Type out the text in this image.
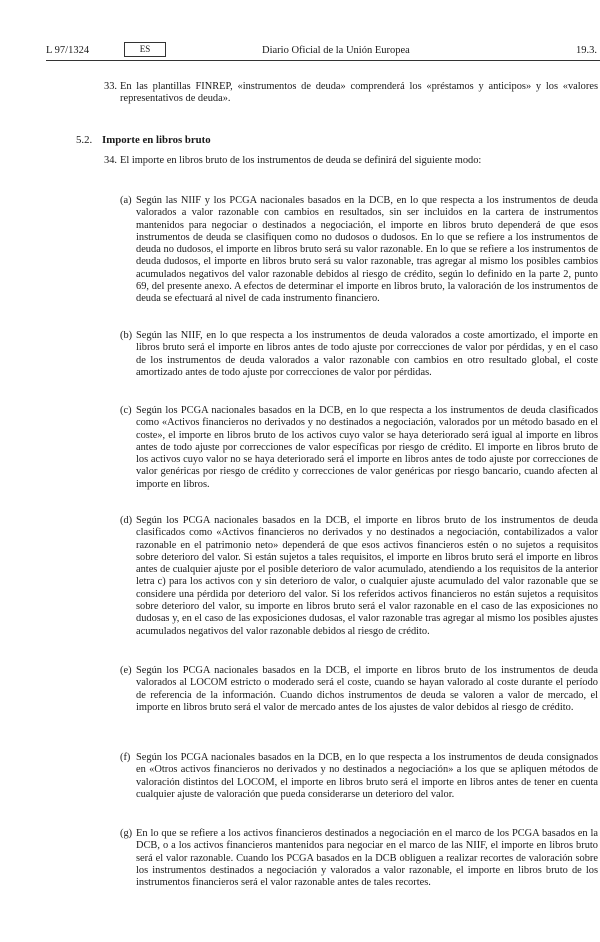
L 97/1324	ES	Diario Oficial de la Unión Europea	19.3.
33. En las plantillas FINREP, «instrumentos de deuda» comprenderá los «préstamos y anticipos» y los «valores representativos de deuda».
5.2. Importe en libros bruto
34. El importe en libros bruto de los instrumentos de deuda se definirá del siguiente modo:
(a) Según las NIIF y los PCGA nacionales basados en la DCB, en lo que respecta a los instrumentos de deuda valorados a valor razonable con cambios en resultados, sin ser incluidos en la cartera de instrumentos mantenidos para negociar o destinados a negociación, el importe en libros bruto dependerá de que esos instrumentos de deuda se clasifiquen como no dudosos o dudosos. En lo que se refiere a los instrumentos de deuda no dudosos, el importe en libros bruto será su valor razonable. En lo que se refiere a los instrumentos de deuda dudosos, el importe en libros bruto será su valor razonable, tras agregar al mismo los posibles cambios acumulados negativos del valor razonable debidos al riesgo de crédito, según lo definido en la parte 2, punto 69, del presente anexo. A efectos de determinar el importe en libros bruto, la valoración de los instrumentos de deuda se efectuará al nivel de cada instrumento financiero.
(b) Según las NIIF, en lo que respecta a los instrumentos de deuda valorados a coste amortizado, el importe en libros bruto será el importe en libros antes de todo ajuste por correcciones de valor por pérdidas, y en el caso de los instrumentos de deuda valorados a valor razonable con cambios en otro resultado global, el coste amortizado antes de todo ajuste por correcciones de valor por pérdidas.
(c) Según los PCGA nacionales basados en la DCB, en lo que respecta a los instrumentos de deuda clasificados como «Activos financieros no derivados y no destinados a negociación, valorados por un método basado en el coste», el importe en libros bruto de los activos cuyo valor se haya deteriorado será igual al importe en libros antes de todo ajuste por correcciones de valor específicas por riesgo de crédito. El importe en libros bruto de los activos cuyo valor no se haya deteriorado será el importe en libros antes de todo ajuste por correcciones de valor genéricas por riesgo de crédito y correcciones de valor genéricas por riesgo bancario, cuando afecten al importe en libros.
(d) Según los PCGA nacionales basados en la DCB, el importe en libros bruto de los instrumentos de deuda clasificados como «Activos financieros no derivados y no destinados a negociación, contabilizados a valor razonable en el patrimonio neto» dependerá de que esos activos financieros estén o no sujetos a requisitos sobre deterioro del valor. Si están sujetos a tales requisitos, el importe en libros bruto será el importe en libros antes de cualquier ajuste por el posible deterioro de valor acumulado, atendiendo a los requisitos de la anterior letra c) para los activos con y sin deterioro de valor, o cualquier ajuste acumulado del valor razonable que se considere una pérdida por deterioro del valor. Si los referidos activos financieros no están sujetos a requisitos sobre deterioro del valor, su importe en libros bruto será el valor razonable en el caso de las exposiciones no dudosas y, en el caso de las exposiciones dudosas, el valor razonable tras agregar al mismo los posibles ajustes acumulados negativos del valor razonable debidos al riesgo de crédito.
(e) Según los PCGA nacionales basados en la DCB, el importe en libros bruto de los instrumentos de deuda valorados al LOCOM estricto o moderado será el coste, cuando se hayan valorado al coste durante el período de referencia de la información. Cuando dichos instrumentos de deuda se valoren a valor de mercado, el importe en libros bruto será el valor de mercado antes de los ajustes de valor debidos al riesgo de crédito.
(f) Según los PCGA nacionales basados en la DCB, en lo que respecta a los instrumentos de deuda consignados en «Otros activos financieros no derivados y no destinados a negociación» a los que se apliquen métodos de valoración distintos del LOCOM, el importe en libros bruto será el importe en libros antes de tener en cuenta cualquier ajuste de valoración que pueda considerarse un deterioro del valor.
(g) En lo que se refiere a los activos financieros destinados a negociación en el marco de los PCGA basados en la DCB, o a los activos financieros mantenidos para negociar en el marco de las NIIF, el importe en libros bruto será el valor razonable. Cuando los PCGA basados en la DCB obliguen a realizar recortes de valoración sobre los instrumentos destinados a negociación y valorados a valor razonable, el importe en libros bruto de los instrumentos financieros será el valor razonable antes de tales recortes.
